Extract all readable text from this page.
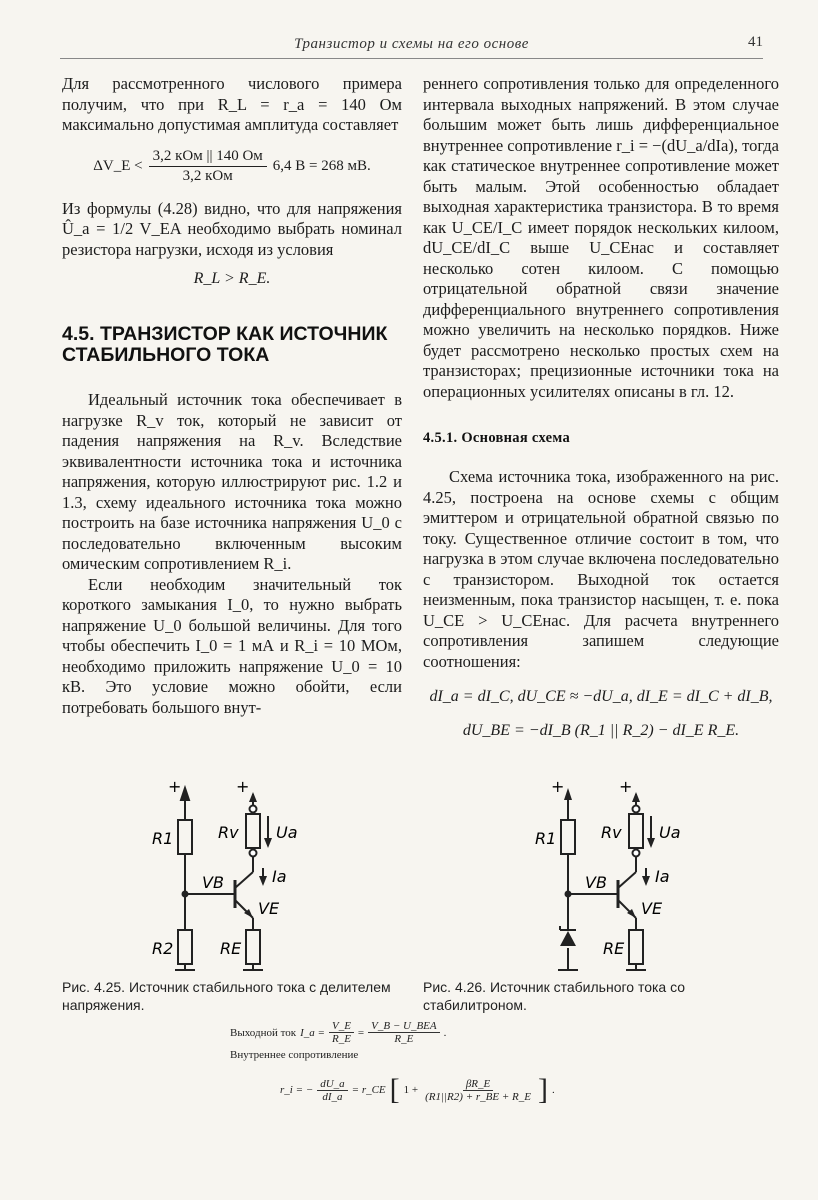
Транзистор и схемы на его основе	41

Для рассмотренного числового примера получим, что при R_L = r_a = 140 Ом максимально допустимая амплитуда составляет

ΔV_E < $\frac{\text{3,2 кОм || 140 Ом}}{\text{3,2 кОм}} 6,4$ В = 268 мВ.

Из формулы (4.28) видно, что для напряжения Û_a = 1/2 V_EA необходимо выбрать номинал резистора нагрузки, исходя из условия

R_L > R_E.
4.5. ТРАНЗИСТОР КАК ИСТОЧНИК СТАБИЛЬНОГО ТОКА

Идеальный источник тока обеспечивает в нагрузке R_v ток, который не зависит от падения напряжения на R_v. Вследствие эквивалентности источника тока и источника напряжения, которую иллюстрируют рис. 1.2 и 1.3, схему идеального источника тока можно построить на базе источника напряжения U_0 с последовательно включенным высоким омическим сопротивлением R_i.

Если необходим значительный ток короткого замыкания I_0, то нужно выбрать напряжение U_0 большой величины. Для того чтобы обеспечить I_0 = 1 мА и R_i = 10 МОм, необходимо приложить напряжение U_0 = 10 кВ. Это условие можно обойти, если потребовать большого внут-

реннего сопротивления только для определенного интервала выходных напряжений. В этом случае большим может быть лишь дифференциальное внутреннее сопротивление r_i = −(dU_a/dIa), тогда как статическое внутреннее сопротивление может быть малым. Этой особенностью обладает выходная характеристика транзистора. В то время как U_CE/I_C имеет порядок нескольких килоом, dU_CE/dI_C выше U_CEнас и составляет несколько сотен килоом. С помощью отрицательной обратной связи значение дифференциального внутреннего сопротивления можно увеличить на несколько порядков. Ниже будет рассмотрено несколько простых схем на транзисторах; прецизионные источники тока на операционных усилителях описаны в гл. 12.

4.5.1. Основная схема

Схема источника тока, изображенного на рис. 4.25, построена на основе схемы с общим эмиттером и отрицательной обратной связью по току. Существенное отличие состоит в том, что нагрузка в этом случае включена последовательно с транзистором. Выходной ток остается неизменным, пока транзистор насыщен, т. е. пока U_CE > U_CEнас. Для расчета внутреннего сопротивления запишем следующие соотношения:

dI_a = dI_C, dU_CE ≈ −dU_a, dI_E = dI_C + dI_B,
dU_BE = −dI_B (R_1 || R_2) − dI_E R_E.
+	+
R1	Rv Ua
Ia
VB
VE
R2	RE
+	+
R1	Rv Ua
Ia
VB
VE
RE
Рис. 4.25. Источник стабильного тока с делителем напряжения.
Рис. 4.26. Источник стабильного тока со стабилитроном.
Выходной ток I_a = $\frac{V\_E}{R\_E} = \frac{\text{V\_B − U\_BEA}}{R\_E}$ .
Внутреннее сопротивление
r_i = − $\frac{dU\_a}{dI\_a}$ = r_CE [ $1 + \frac{\beta R\_E}{(R1||R2) + r\_BE + R\_E}$ ] .
